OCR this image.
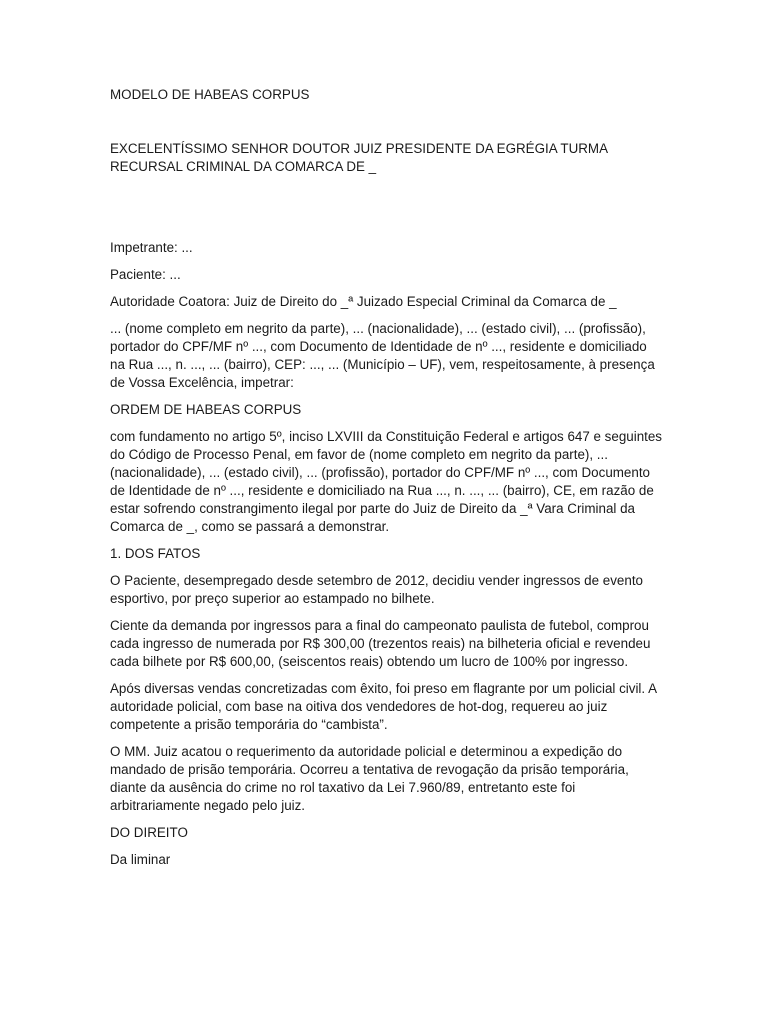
MODELO DE HABEAS CORPUS

EXCELENTÍSSIMO SENHOR DOUTOR JUIZ PRESIDENTE DA EGRÉGIA TURMA RECURSAL CRIMINAL DA COMARCA DE _

Impetrante: ...

Paciente: ...

Autoridade Coatora: Juiz de Direito do _ª Juizado Especial Criminal da Comarca de _

... (nome completo em negrito da parte), ... (nacionalidade), ... (estado civil), ... (profissão), portador do CPF/MF nº ..., com Documento de Identidade de nº ..., residente e domiciliado na Rua ..., n. ..., ... (bairro), CEP: ..., ... (Município – UF), vem, respeitosamente, à presença de Vossa Excelência, impetrar:

ORDEM DE HABEAS CORPUS

com fundamento no artigo 5º, inciso LXVIII da Constituição Federal e artigos 647 e seguintes do Código de Processo Penal, em favor de (nome completo em negrito da parte), ... (nacionalidade), ... (estado civil), ... (profissão), portador do CPF/MF nº ..., com Documento de Identidade de nº ..., residente e domiciliado na Rua ..., n. ..., ... (bairro), CE, em razão de estar sofrendo constrangimento ilegal por parte do Juiz de Direito da _ª Vara Criminal da Comarca de _, como se passará a demonstrar.

1. DOS FATOS

O Paciente, desempregado desde setembro de 2012, decidiu vender ingressos de evento esportivo, por preço superior ao estampado no bilhete.

Ciente da demanda por ingressos para a final do campeonato paulista de futebol, comprou cada ingresso de numerada por R$ 300,00 (trezentos reais) na bilheteria oficial e revendeu cada bilhete por R$ 600,00, (seiscentos reais) obtendo um lucro de 100% por ingresso.

Após diversas vendas concretizadas com êxito, foi preso em flagrante por um policial civil. A autoridade policial, com base na oitiva dos vendedores de hot-dog, requereu ao juiz competente a prisão temporária do “cambista”.

O MM. Juiz acatou o requerimento da autoridade policial e determinou a expedição do mandado de prisão temporária. Ocorreu a tentativa de revogação da prisão temporária, diante da ausência do crime no rol taxativo da Lei 7.960/89, entretanto este foi arbitrariamente negado pelo juiz.

DO DIREITO

Da liminar
